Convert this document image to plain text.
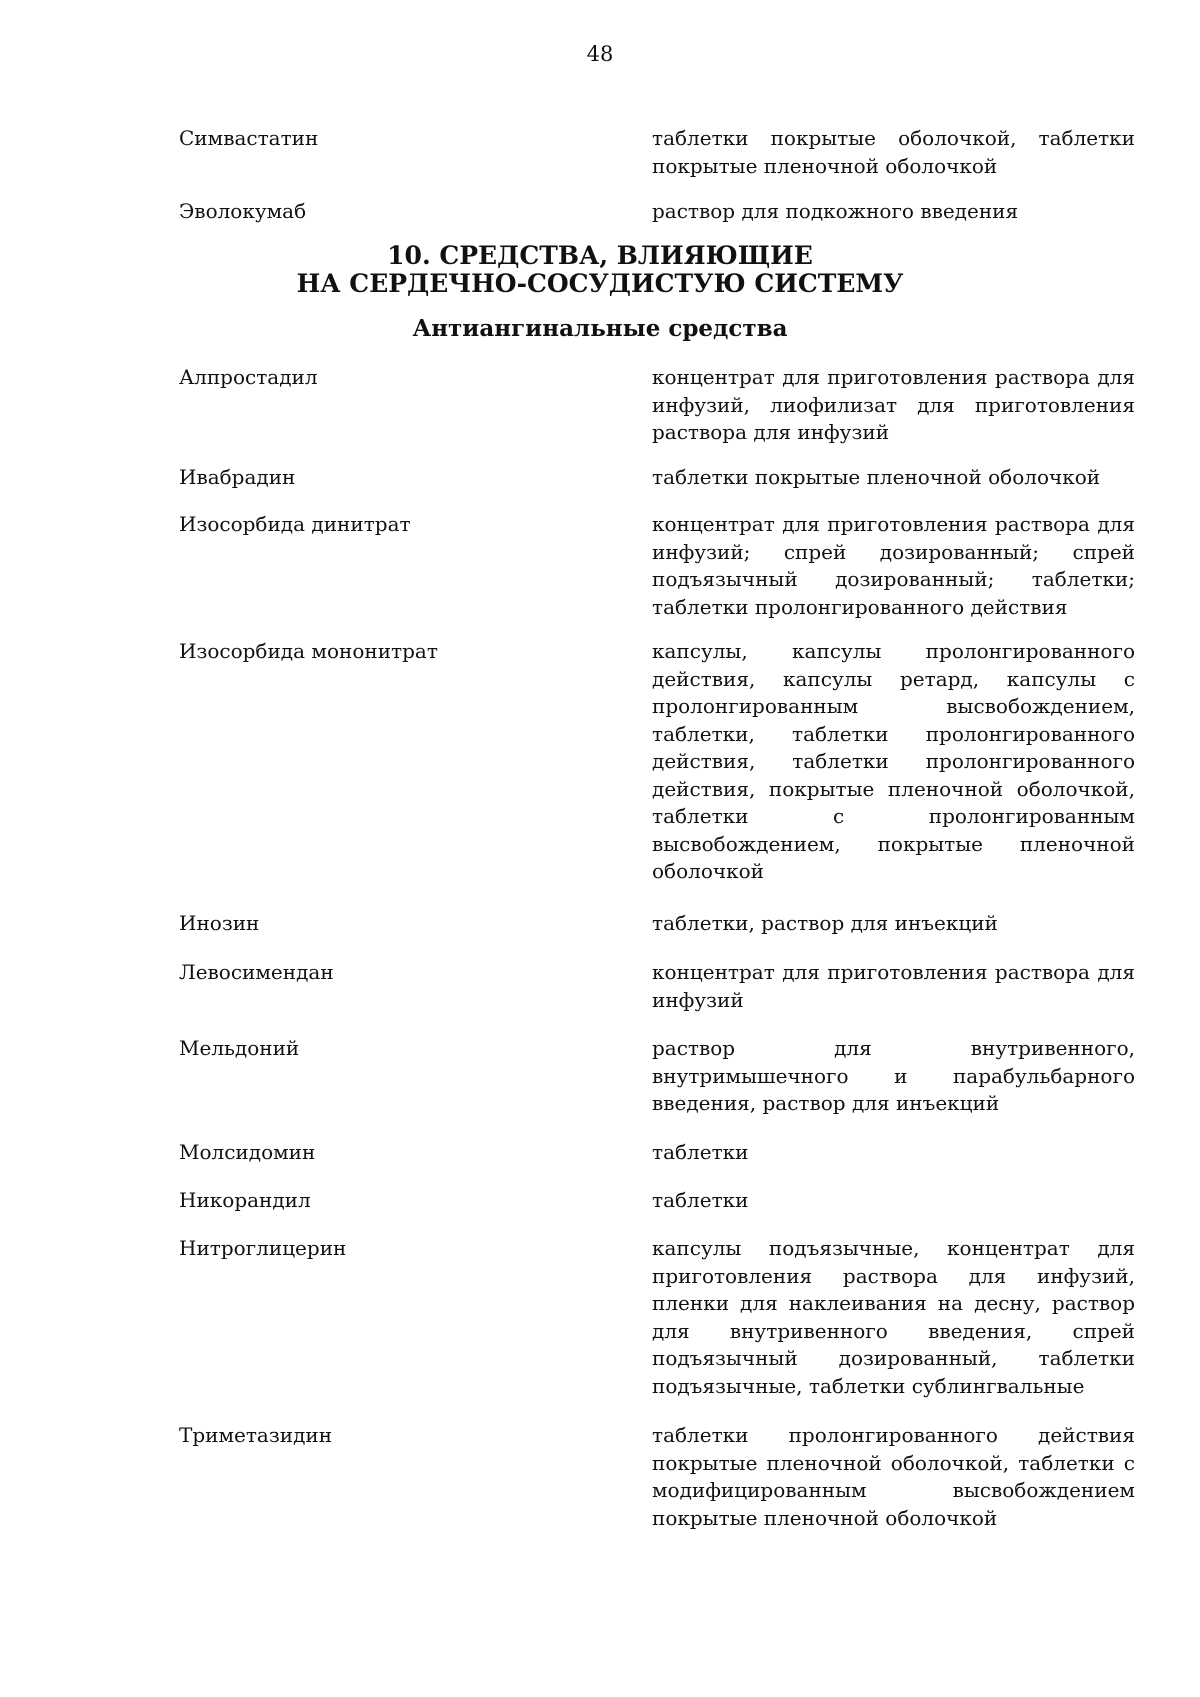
48
Симвастатин	таблетки покрытые оболочкой, таблетки покрытые пленочной оболочкой
Эволокумаб	раствор для подкожного введения
10. СРЕДСТВА, ВЛИЯЮЩИЕ
НА СЕРДЕЧНО-СОСУДИСТУЮ СИСТЕМУ
Антиангинальные средства
Алпростадил	концентрат для приготовления раствора для инфузий, лиофилизат для приготовления раствора для инфузий
Ивабрадин	таблетки покрытые пленочной оболочкой
Изосорбида динитрат	концентрат для приготовления раствора для инфузий; спрей дозированный; спрей подъязычный дозированный; таблетки; таблетки пролонгированного действия
Изосорбида мононитрат	капсулы, капсулы пролонгированного действия, капсулы ретард, капсулы с пролонгированным высвобождением, таблетки, таблетки пролонгированного действия, таблетки пролонгированного действия, покрытые пленочной оболочкой, таблетки с пролонгированным высвобождением, покрытые пленочной оболочкой
Инозин	таблетки, раствор для инъекций
Левосимендан	концентрат для приготовления раствора для инфузий
Мельдоний	раствор для внутривенного, внутримышечного и парабульбарного введения, раствор для инъекций
Молсидомин	таблетки
Никорандил	таблетки
Нитроглицерин	капсулы подъязычные, концентрат для приготовления раствора для инфузий, пленки для наклеивания на десну, раствор для внутривенного введения, спрей подъязычный дозированный, таблетки подъязычные, таблетки сублингвальные
Триметазидин	таблетки пролонгированного действия покрытые пленочной оболочкой, таблетки с модифицированным высвобождением покрытые пленочной оболочкой
